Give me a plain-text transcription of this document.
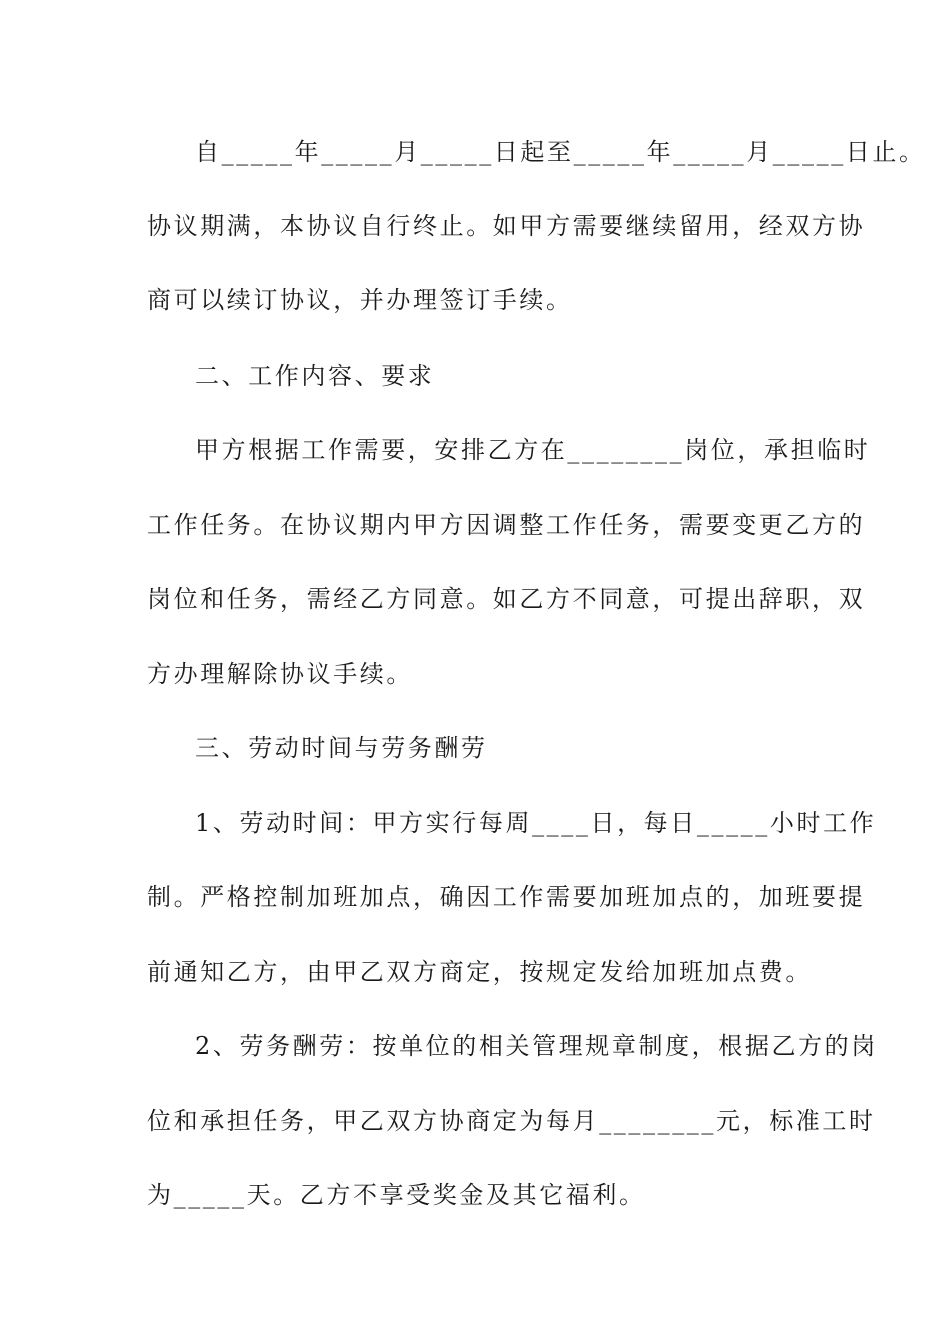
自_____年_____月_____日起至_____年_____月_____日止。
协议期满，本协议自行终止。如甲方需要继续留用，经双方协
商可以续订协议，并办理签订手续。
二、工作内容、要求
甲方根据工作需要，安排乙方在________岗位，承担临时
工作任务。在协议期内甲方因调整工作任务，需要变更乙方的
岗位和任务，需经乙方同意。如乙方不同意，可提出辞职，双
方办理解除协议手续。
三、劳动时间与劳务酬劳
1、劳动时间：甲方实行每周____日，每日_____小时工作
制。严格控制加班加点，确因工作需要加班加点的，加班要提
前通知乙方，由甲乙双方商定，按规定发给加班加点费。
2、劳务酬劳：按单位的相关管理规章制度，根据乙方的岗
位和承担任务，甲乙双方协商定为每月________元，标准工时
为_____天。乙方不享受奖金及其它福利。
